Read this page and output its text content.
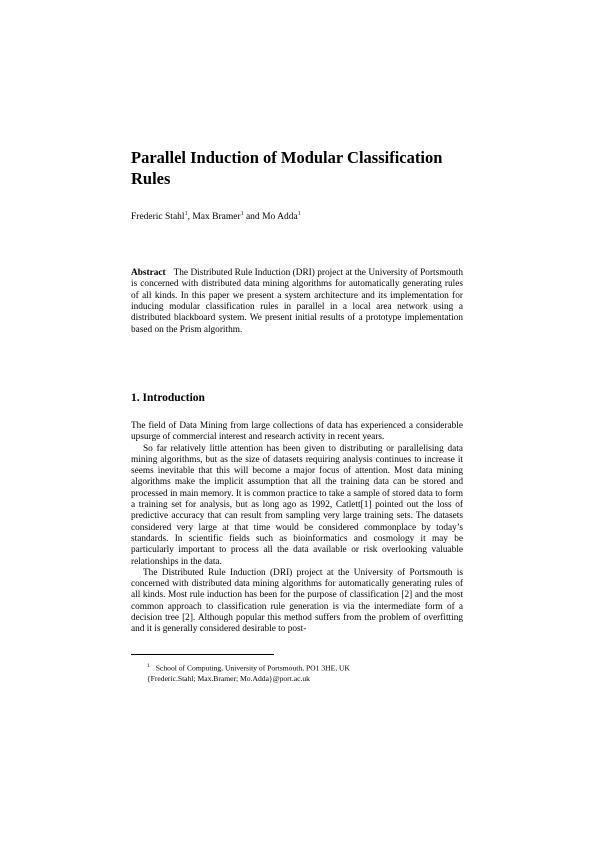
Parallel Induction of Modular Classification Rules
Frederic Stahl$^1$, Max Bramer$^1$ and Mo Adda$^1$

Abstract The Distributed Rule Induction (DRI) project at the University of Portsmouth is concerned with distributed data mining algorithms for automatically generating rules of all kinds. In this paper we present a system architecture and its implementation for inducing modular classification rules in parallel in a local area network using a distributed blackboard system. We present initial results of a prototype implementation based on the Prism algorithm.

1. Introduction

The field of Data Mining from large collections of data has experienced a considerable upsurge of commercial interest and research activity in recent years.

So far relatively little attention has been given to distributing or parallelising data mining algorithms, but as the size of datasets requiring analysis continues to increase it seems inevitable that this will become a major focus of attention. Most data mining algorithms make the implicit assumption that all the training data can be stored and processed in main memory. It is common practice to take a sample of stored data to form a training set for analysis, but as long ago as 1992, Catlett[1] pointed out the loss of predictive accuracy that can result from sampling very large training sets. The datasets considered very large at that time would be considered commonplace by today’s standards. In scientific fields such as bioinformatics and cosmology it may be particularly important to process all the data available or risk overlooking valuable relationships in the data.

The Distributed Rule Induction (DRI) project at the University of Portsmouth is concerned with distributed data mining algorithms for automatically generating rules of all kinds. Most rule induction has been for the purpose of classification [2] and the most common approach to classification rule generation is via the intermediate form of a decision tree [2]. Although popular this method suffers from the problem of overfitting and it is generally considered desirable to post-

$^1$ School of Computing, University of Portsmouth, PO1 3HE, UK
{Frederic.Stahl; Max.Bramer; Mo.Adda}@port.ac.uk
